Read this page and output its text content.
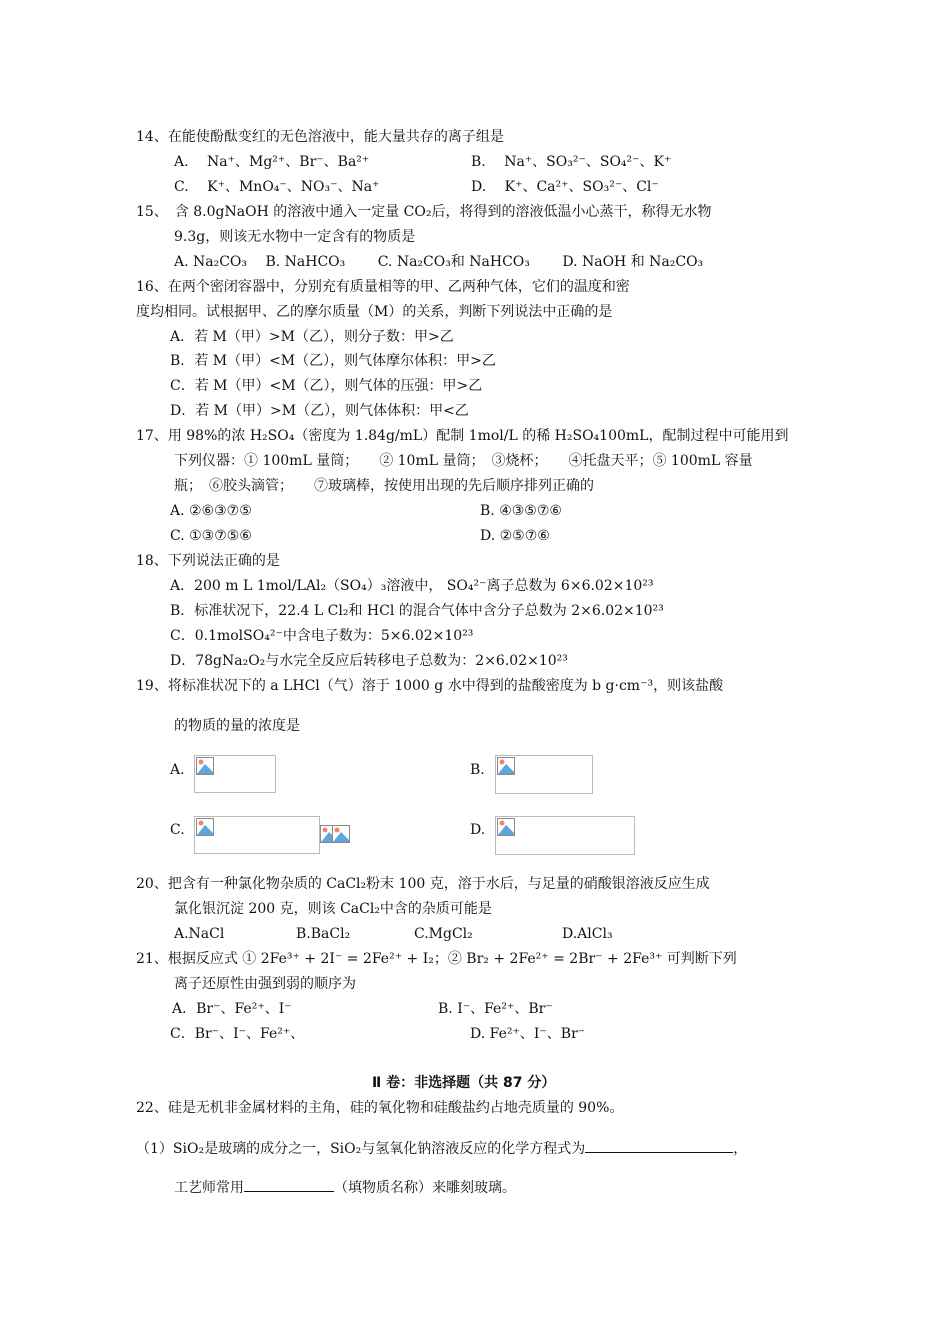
14、在能使酚酞变红的无色溶液中，能大量共存的离子组是
A.　 Na⁺、Mg²⁺、Br⁻、Ba²⁺	B.　 Na⁺、SO₃²⁻、SO₄²⁻、K⁺
C.　 K⁺、MnO₄⁻、NO₃⁻、Na⁺	D.　 K⁺、Ca²⁺、SO₃²⁻、Cl⁻
15、　含 8.0gNaOH 的溶液中通入一定量 CO₂后，将得到的溶液低温小心蒸干，称得无水物
9.3g，则该无水物中一定含有的物质是
A. Na₂CO₃　 B. NaHCO₃　　 C. Na₂CO₃和 NaHCO₃　　 D. NaOH 和 Na₂CO₃
16、在两个密闭容器中，分别充有质量相等的甲、乙两种气体，它们的温度和密
度均相同。试根据甲、乙的摩尔质量（M）的关系，判断下列说法中正确的是
A．若 M（甲）>M（乙），则分子数：甲>乙
B．若 M（甲）<M（乙），则气体摩尔体积：甲>乙
C．若 M（甲）<M（乙），则气体的压强：甲>乙
D．若 M（甲）>M（乙），则气体体积：甲<乙
17、用 98%的浓 H₂SO₄（密度为 1.84g/mL）配制 1mol/L 的稀 H₂SO₄100mL，配制过程中可能用到
下列仪器：① 100mL 量筒；　　② 10mL 量筒；　③烧杯；　　④托盘天平；⑤ 100mL 容量
瓶；　⑥胶头滴管；　　⑦玻璃棒，按使用出现的先后顺序排列正确的
A. ②⑥③⑦⑤	B. ④③⑤⑦⑥
C. ①③⑦⑤⑥	D. ②⑤⑦⑥
18、下列说法正确的是
A．200 m L 1mol/LAl₂（SO₄）₃溶液中， SO₄²⁻离子总数为 6×6.02×10²³
B．标准状况下，22.4 L Cl₂和 HCl 的混合气体中含分子总数为 2×6.02×10²³
C．0.1molSO₄²⁻中含电子数为：5×6.02×10²³
D．78gNa₂O₂与水完全反应后转移电子总数为：2×6.02×10²³
19、将标准状况下的 a LHCl（气）溶于 1000 g 水中得到的盐酸密度为 b g·cm⁻³，则该盐酸
的物质的量的浓度是
A.	B.
C.	D.
20、把含有一种氯化物杂质的 CaCl₂粉末 100 克，溶于水后，与足量的硝酸银溶液反应生成
氯化银沉淀 200 克，则该 CaCl₂中含的杂质可能是
A.NaCl	B.BaCl₂	C.MgCl₂	D.AlCl₃
21、根据反应式 ① 2Fe³⁺ + 2I⁻ = 2Fe²⁺ + I₂；② Br₂ + 2Fe²⁺ = 2Br⁻ + 2Fe³⁺ 可判断下列
离子还原性由强到弱的顺序为
A．Br⁻、Fe²⁺、I⁻	B. I⁻、Fe²⁺、Br⁻
C．Br⁻、I⁻、Fe²⁺、	D. Fe²⁺、I⁻、Br⁻
Ⅱ 卷：非选择题（共 87 分）
22、硅是无机非金属材料的主角，硅的氧化物和硅酸盐约占地壳质量的 90%。
（1）SiO₂是玻璃的成分之一，SiO₂与氢氧化钠溶液反应的化学方程式为	，
工艺师常用	（填物质名称）来雕刻玻璃。
